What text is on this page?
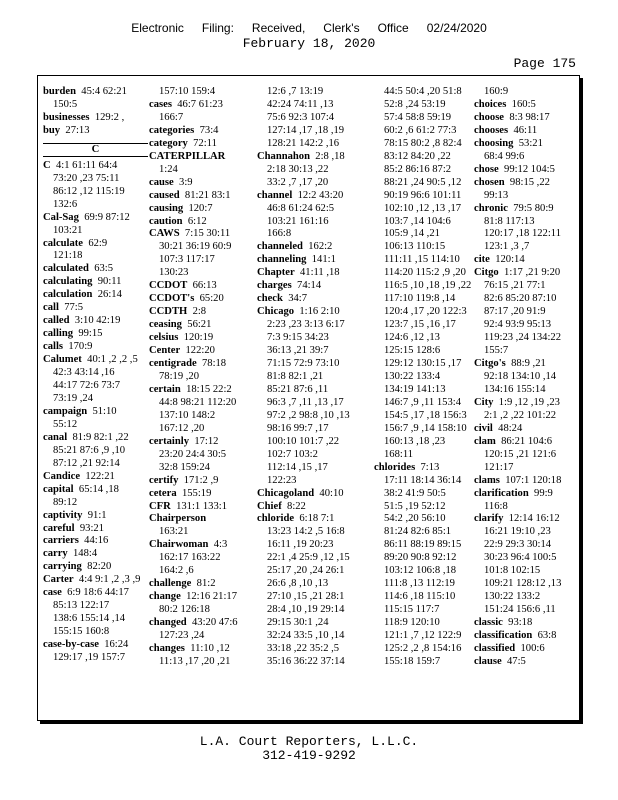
Electronic Filing: Received, Clerk's Office 02/24/2020
February 18, 2020
Page 175
burden 45:4 62:21
150:5
businesses 129:2 ,
buy 27:13
C
C 4:1 61:11 64:4
73:20 ,23 75:11
86:12 ,12 115:19
132:6
Cal-Sag 69:9 87:12
103:21
calculate 62:9
121:18
calculated 63:5
calculating 90:11
calculation 26:14
call 77:5
called 3:10 42:19
calling 99:15
calls 170:9
Calumet 40:1 ,2 ,2 ,5
42:3 43:14 ,16
44:17 72:6 73:7
73:19 ,24
campaign 51:10
55:12
canal 81:9 82:1 ,22
85:21 87:6 ,9 ,10
87:12 ,21 92:14
Candice 122:21
capital 65:14 ,18
89:12
captivity 91:1
careful 93:21
carriers 44:16
carry 148:4
carrying 82:20
Carter 4:4 9:1 ,2 ,3 ,9
case 6:9 18:6 44:17
85:13 122:17
138:6 155:14 ,14
155:15 160:8
case-by-case 16:24
129:17 ,19 157:7
157:10 159:4
cases 46:7 61:23
166:7
categories 73:4
category 72:11
CATERPILLAR
1:24
cause 3:9
caused 81:21 83:1
causing 120:7
caution 6:12
CAWS 7:15 30:11
30:21 36:19 60:9
107:3 117:17
130:23
CCDOT 66:13
CCDOT's 65:20
CCDTH 2:8
ceasing 56:21
celsius 120:19
Center 122:20
centigrade 78:18
78:19 ,20
certain 18:15 22:2
44:8 98:21 112:20
137:10 148:2
167:12 ,20
certainly 17:12
23:20 24:4 30:5
32:8 159:24
certify 171:2 ,9
cetera 155:19
CFR 131:1 133:1
Chairperson
163:21
Chairwoman 4:3
162:17 163:22
164:2 ,6
challenge 81:2
change 12:16 21:17
80:2 126:18
changed 43:20 47:6
127:23 ,24
changes 11:10 ,12
11:13 ,17 ,20 ,21
12:6 ,7 13:19
42:24 74:11 ,13
75:6 92:3 107:4
127:14 ,17 ,18 ,19
128:21 142:2 ,16
Channahon 2:8 ,18
2:18 30:13 ,22
33:2 ,7 ,17 ,20
channel 12:2 43:20
46:8 61:24 62:5
103:21 161:16
166:8
channeled 162:2
channeling 141:1
Chapter 41:11 ,18
charges 74:14
check 34:7
Chicago 1:16 2:10
2:23 ,23 3:13 6:17
7:3 9:15 34:23
36:13 ,21 39:7
71:15 72:9 73:10
81:8 82:1 ,21
85:21 87:6 ,11
96:3 ,7 ,11 ,13 ,17
97:2 ,2 98:8 ,10 ,13
98:16 99:7 ,17
100:10 101:7 ,22
102:7 103:2
112:14 ,15 ,17
122:23
Chicagoland 40:10
Chief 8:22
chloride 6:18 7:1
13:23 14:2 ,5 16:8
16:11 ,19 20:23
22:1 ,4 25:9 ,12 ,15
25:17 ,20 ,24 26:1
26:6 ,8 ,10 ,13
27:10 ,15 ,21 28:1
28:4 ,10 ,19 29:14
29:15 30:1 ,24
32:24 33:5 ,10 ,14
33:18 ,22 35:2 ,5
35:16 36:22 37:14
44:5 50:4 ,20 51:8
52:8 ,24 53:19
57:4 58:8 59:19
60:2 ,6 61:2 77:3
78:15 80:2 ,8 82:4
83:12 84:20 ,22
85:2 86:16 87:2
88:21 ,24 90:5 ,12
90:19 96:6 101:11
102:10 ,12 ,13 ,17
103:7 ,14 104:6
105:9 ,14 ,21
106:13 110:15
111:11 ,15 114:10
114:20 115:2 ,9 ,20
116:5 ,10 ,18 ,19 ,22
117:10 119:8 ,14
120:4 ,17 ,20 122:3
123:7 ,15 ,16 ,17
124:6 ,12 ,13
125:15 128:6
129:12 130:15 ,17
130:22 133:4
134:19 141:13
146:7 ,9 ,11 153:4
154:5 ,17 ,18 156:3
156:7 ,9 ,14 158:10
160:13 ,18 ,23
168:11
chlorides 7:13
17:11 18:14 36:14
38:2 41:9 50:5
51:5 ,19 52:12
54:2 ,20 56:10
81:24 82:6 85:1
86:11 88:19 89:15
89:20 90:8 92:12
103:12 106:8 ,18
111:8 ,13 112:19
114:6 ,18 115:10
115:15 117:7
118:9 120:10
121:1 ,7 ,12 122:9
125:2 ,2 ,8 154:16
155:18 159:7
160:9
choices 160:5
choose 8:3 98:17
chooses 46:11
choosing 53:21
68:4 99:6
chose 99:12 104:5
chosen 98:15 ,22
99:13
chronic 79:5 80:9
81:8 117:13
120:17 ,18 122:11
123:1 ,3 ,7
cite 120:14
Citgo 1:17 ,21 9:20
76:15 ,21 77:1
82:6 85:20 87:10
87:17 ,20 91:9
92:4 93:9 95:13
119:23 ,24 134:22
155:7
Citgo's 88:9 ,21
92:18 134:10 ,14
134:16 155:14
City 1:9 ,12 ,19 ,23
2:1 ,2 ,22 101:22
civil 48:24
clam 86:21 104:6
120:15 ,21 121:6
121:17
clams 107:1 120:18
clarification 99:9
116:8
clarify 12:14 16:12
16:21 19:10 ,23
22:9 29:3 30:14
30:23 96:4 100:5
101:8 102:15
109:21 128:12 ,13
130:22 133:2
151:24 156:6 ,11
classic 93:18
classification 63:8
classified 100:6
clause 47:5
L.A. Court Reporters, L.L.C.
312-419-9292
